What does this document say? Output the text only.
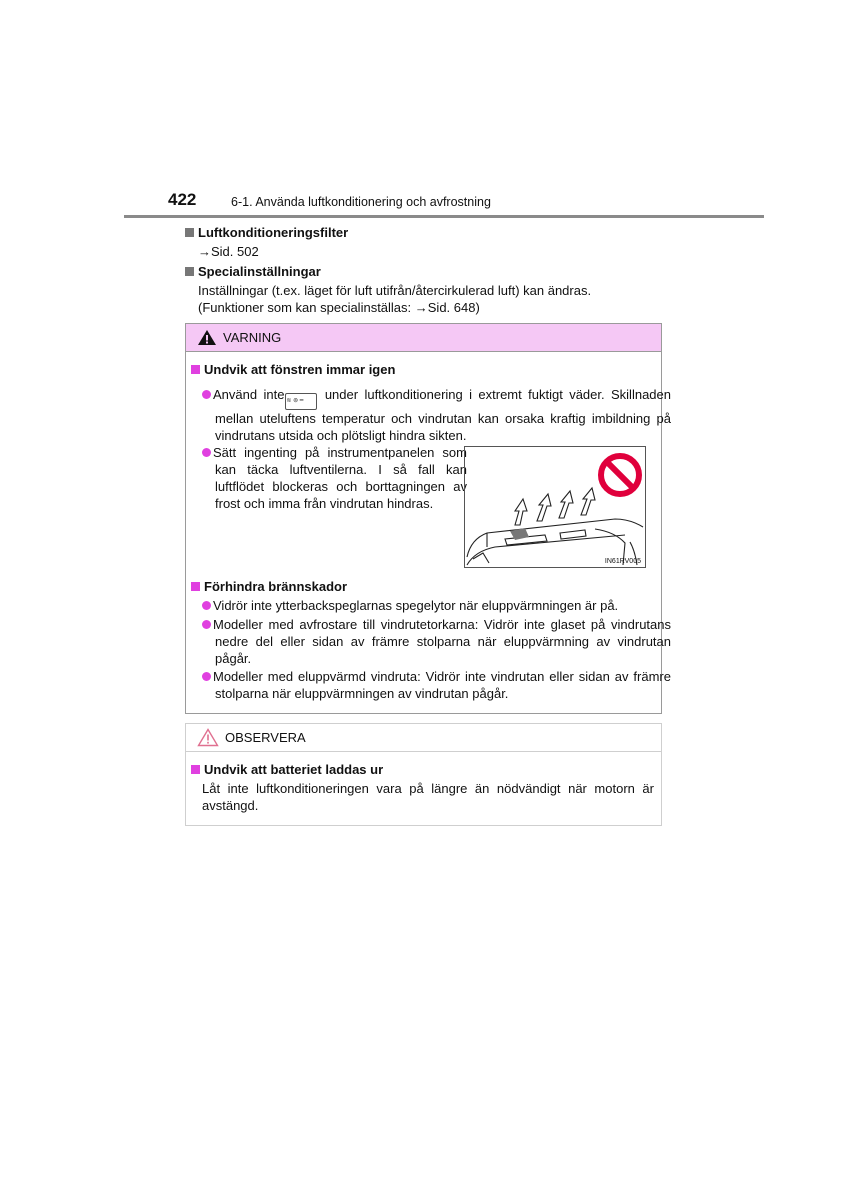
422	6-1. Använda luftkonditionering och avfrostning
Luftkonditioneringsfilter
→Sid. 502
Specialinställningar
Inställningar (t.ex. läget för luft utifrån/återcirkulerad luft) kan ändras.
(Funktioner som kan specialinställas: →Sid. 648)
VARNING
Undvik att fönstren immar igen
Använd inte ≋ ⊚ ━ under luftkonditionering i extremt fuktigt väder. Skillnaden mellan uteluftens temperatur och vindrutan kan orsaka kraftig imbildning på vindrutans utsida och plötsligt hindra sikten.
Sätt ingenting på instrumentpanelen som kan täcka luftventilerna. I så fall kan luftflödet blockeras och borttagningen av frost och imma från vindrutan hindras.
IN61RV005
Förhindra brännskador
Vidrör inte ytterbackspeglarnas spegelytor när eluppvärmningen är på.
Modeller med avfrostare till vindrutetorkarna: Vidrör inte glaset på vindrutans nedre del eller sidan av främre stolparna när eluppvärmning av vindrutan pågår.
Modeller med eluppvärmd vindruta: Vidrör inte vindrutan eller sidan av främre stolparna när eluppvärmningen av vindrutan pågår.
OBSERVERA
Undvik att batteriet laddas ur
Låt inte luftkonditioneringen vara på längre än nödvändigt när motorn är avstängd.
